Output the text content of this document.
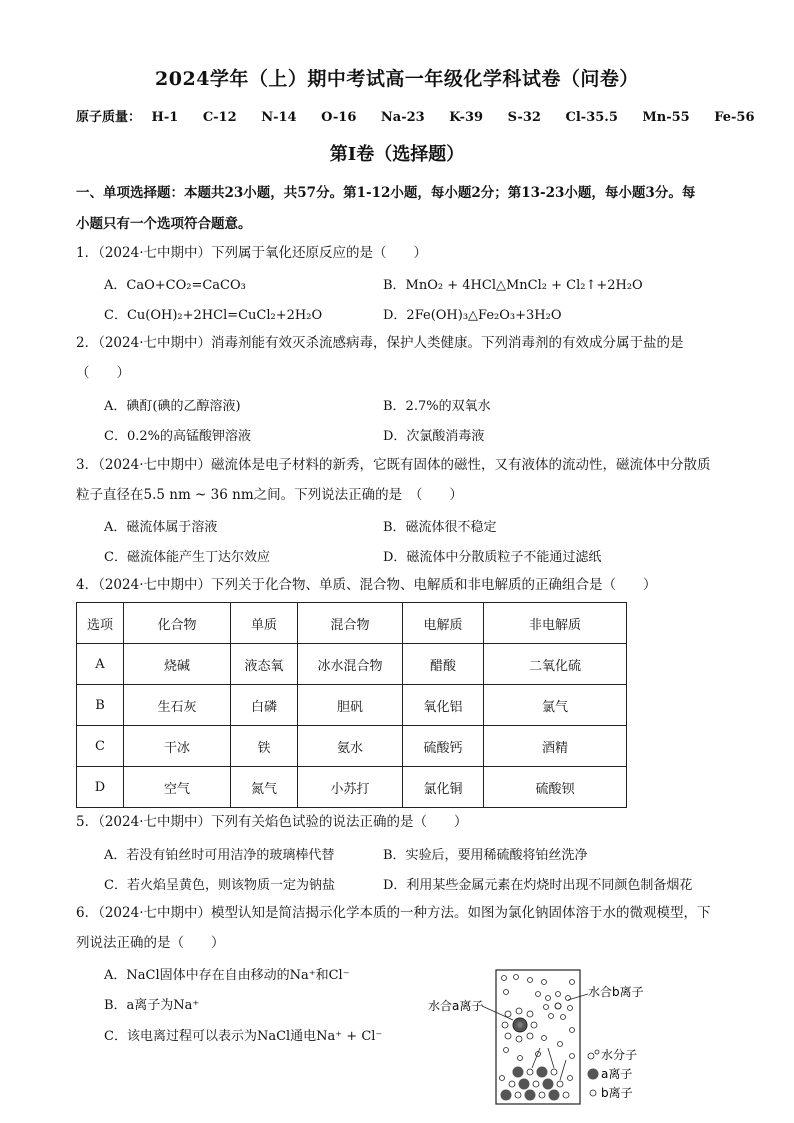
2024学年（上）期中考试高一年级化学科试卷（问卷）
原子质量： H-1 C-12 N-14 O-16 Na-23 K-39 S-32 Cl-35.5 Mn-55 Fe-56
第I卷（选择题）
一、单项选择题：本题共23小题，共57分。第1-12小题，每小题2分；第13-23小题，每小题3分。每
小题只有一个选项符合题意。
1．（2024·七中期中）下列属于氧化还原反应的是（　　）
A．CaO+CO₂=CaCO₃	B．MnO₂ + 4HCl△MnCl₂ + Cl₂↑+2H₂O
C．Cu(OH)₂+2HCl=CuCl₂+2H₂O	D．2Fe(OH)₃△Fe₂O₃+3H₂O
2．（2024·七中期中）消毒剂能有效灭杀流感病毒，保护人类健康。下列消毒剂的有效成分属于盐的是
（　　）
A．碘酊(碘的乙醇溶液)	B．2.7%的双氧水
C．0.2%的高锰酸钾溶液	D．次氯酸消毒液
3．（2024·七中期中）磁流体是电子材料的新秀，它既有固体的磁性，又有液体的流动性，磁流体中分散质
粒子直径在5.5 nm ~ 36 nm之间。下列说法正确的是　（　　）
A．磁流体属于溶液	B．磁流体很不稳定
C．磁流体能产生丁达尔效应	D．磁流体中分散质粒子不能通过滤纸
4．（2024·七中期中）下列关于化合物、单质、混合物、电解质和非电解质的正确组合是（　　）
选项	化合物	单质	混合物	电解质	非电解质
A	烧碱	液态氧	冰水混合物	醋酸	二氧化硫
B	生石灰	白磷	胆矾	氧化铝	氯气
C	干冰	铁	氨水	硫酸钙	酒精
D	空气	氮气	小苏打	氯化铜	硫酸钡
5．（2024·七中期中）下列有关焰色试验的说法正确的是（　　）
A．若没有铂丝时可用洁净的玻璃棒代替	B．实验后，要用稀硫酸将铂丝洗净
C．若火焰呈黄色，则该物质一定为钠盐	D．利用某些金属元素在灼烧时出现不同颜色制备烟花
6．（2024·七中期中）模型认知是简洁揭示化学本质的一种方法。如图为氯化钠固体溶于水的微观模型，下
列说法正确的是（　　）
A．NaCl固体中存在自由移动的Na⁺和Cl⁻
B．a离子为Na⁺
C．该电离过程可以表示为NaCl通电Na⁺ + Cl⁻
水合a离子
水合b离子
水分子
a离子
b离子
